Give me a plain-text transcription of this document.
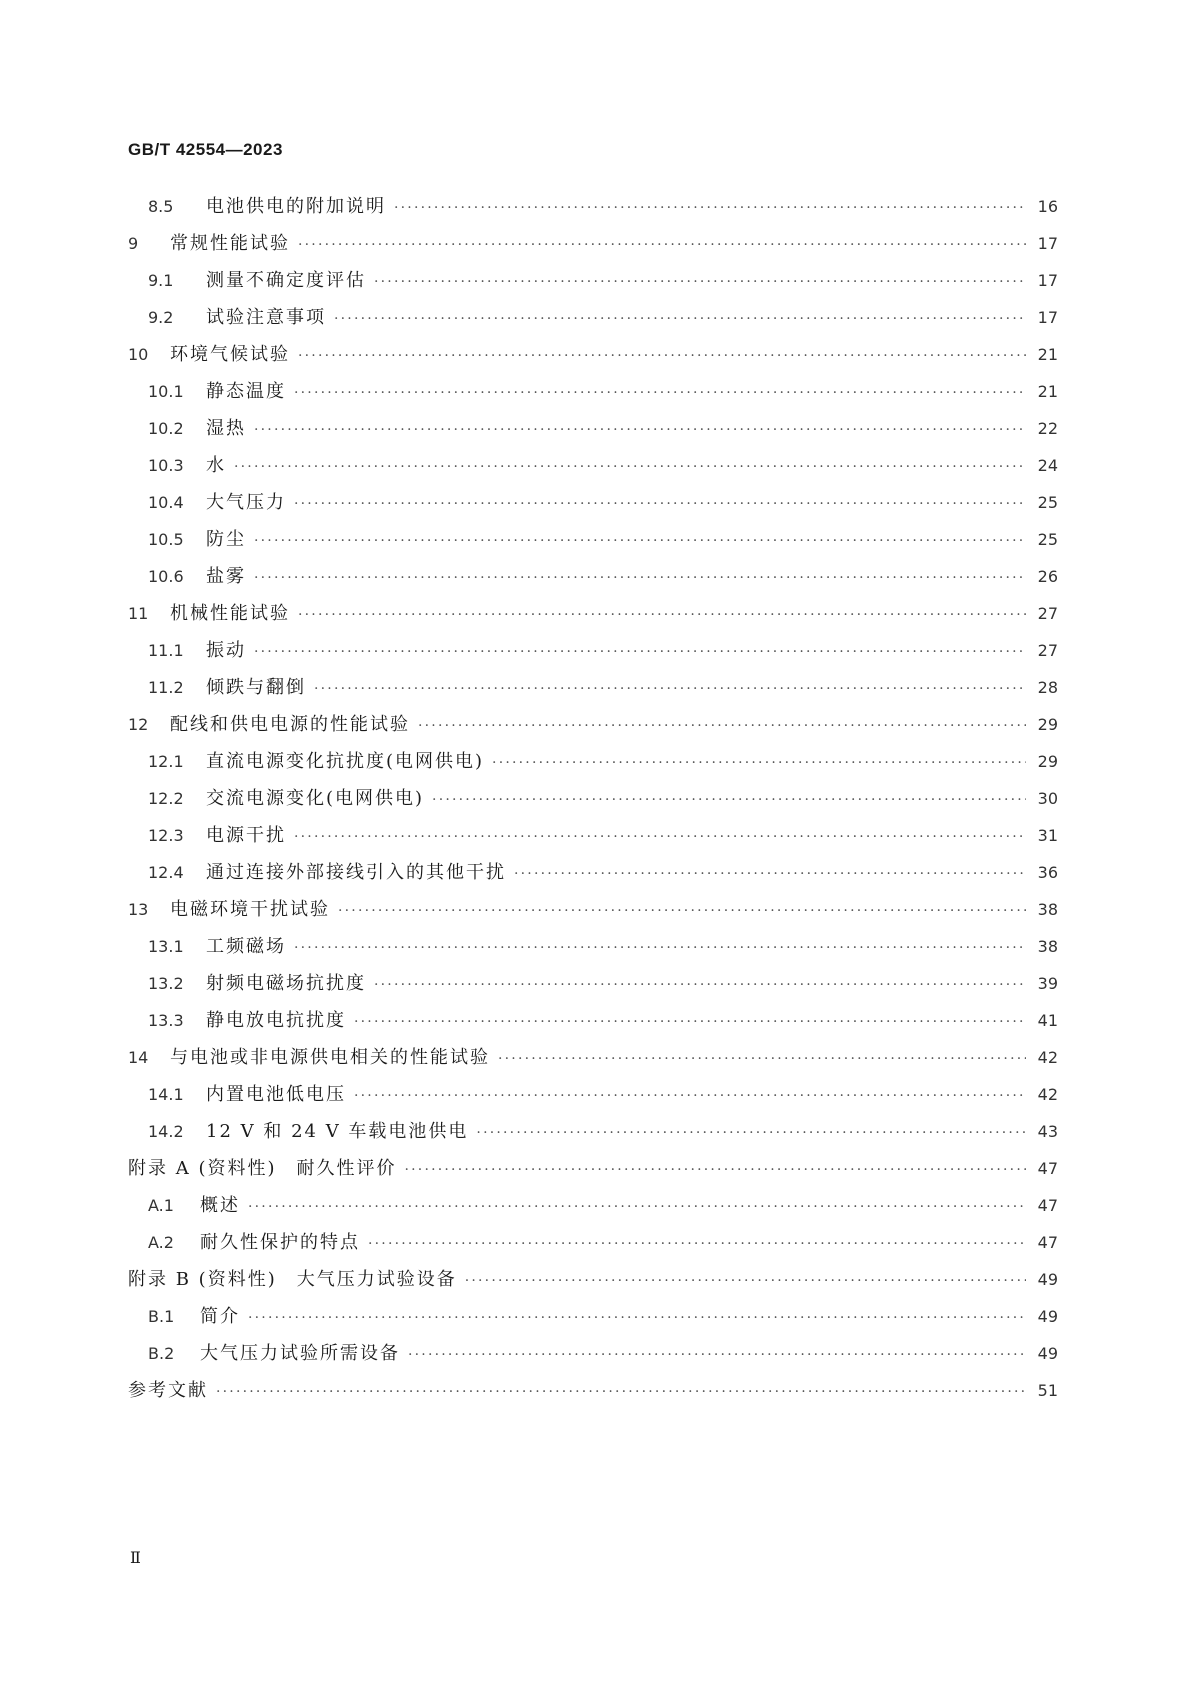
GB/T 42554—2023
8.5	电池供电的附加说明 ·····	16
9	常规性能试验 ·····	17
9.1	测量不确定度评估 ·····	17
9.2	试验注意事项 ·····	17
10	环境气候试验 ·····	21
10.1	静态温度 ·····	21
10.2	湿热 ·····	22
10.3	水 ·····	24
10.4	大气压力 ·····	25
10.5	防尘 ·····	25
10.6	盐雾 ·····	26
11	机械性能试验 ·····	27
11.1	振动 ·····	27
11.2	倾跌与翻倒 ·····	28
12	配线和供电电源的性能试验 ·····	29
12.1	直流电源变化抗扰度(电网供电) ·····	29
12.2	交流电源变化(电网供电) ·····	30
12.3	电源干扰 ·····	31
12.4	通过连接外部接线引入的其他干扰 ·····	36
13	电磁环境干扰试验 ·····	38
13.1	工频磁场 ·····	38
13.2	射频电磁场抗扰度 ·····	39
13.3	静电放电抗扰度 ·····	41
14	与电池或非电源供电相关的性能试验 ·····	42
14.1	内置电池低电压 ·····	42
14.2	12 V 和 24 V 车载电池供电 ·····	43
附录 A (资料性)　耐久性评价 ·····	47
A.1	概述 ·····	47
A.2	耐久性保护的特点 ·····	47
附录 B (资料性)　大气压力试验设备 ·····	49
B.1	简介 ·····	49
B.2	大气压力试验所需设备 ·····	49
参考文献 ·····	51
Ⅱ
